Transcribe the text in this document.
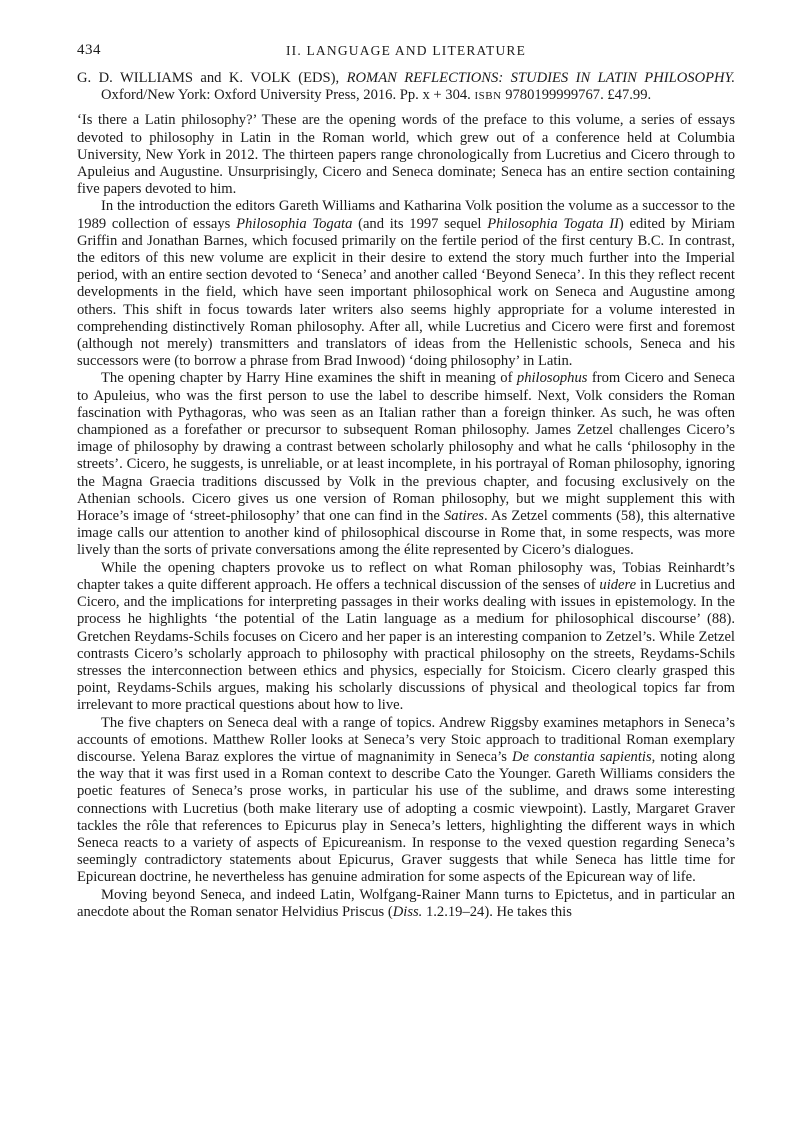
434	II. LANGUAGE AND LITERATURE
G. D. WILLIAMS and K. VOLK (EDS), ROMAN REFLECTIONS: STUDIES IN LATIN PHILOSOPHY. Oxford/New York: Oxford University Press, 2016. Pp. x + 304. ISBN 9780199999767. £47.99.

‘Is there a Latin philosophy?’ These are the opening words of the preface to this volume, a series of essays devoted to philosophy in Latin in the Roman world, which grew out of a conference held at Columbia University, New York in 2012. The thirteen papers range chronologically from Lucretius and Cicero through to Apuleius and Augustine. Unsurprisingly, Cicero and Seneca dominate; Seneca has an entire section containing five papers devoted to him.

In the introduction the editors Gareth Williams and Katharina Volk position the volume as a successor to the 1989 collection of essays Philosophia Togata (and its 1997 sequel Philosophia Togata II) edited by Miriam Griffin and Jonathan Barnes, which focused primarily on the fertile period of the first century B.C. In contrast, the editors of this new volume are explicit in their desire to extend the story much further into the Imperial period, with an entire section devoted to ‘Seneca’ and another called ‘Beyond Seneca’. In this they reflect recent developments in the field, which have seen important philosophical work on Seneca and Augustine among others. This shift in focus towards later writers also seems highly appropriate for a volume interested in comprehending distinctively Roman philosophy. After all, while Lucretius and Cicero were first and foremost (although not merely) transmitters and translators of ideas from the Hellenistic schools, Seneca and his successors were (to borrow a phrase from Brad Inwood) ‘doing philosophy’ in Latin.

The opening chapter by Harry Hine examines the shift in meaning of philosophus from Cicero and Seneca to Apuleius, who was the first person to use the label to describe himself. Next, Volk considers the Roman fascination with Pythagoras, who was seen as an Italian rather than a foreign thinker. As such, he was often championed as a forefather or precursor to subsequent Roman philosophy. James Zetzel challenges Cicero’s image of philosophy by drawing a contrast between scholarly philosophy and what he calls ‘philosophy in the streets’. Cicero, he suggests, is unreliable, or at least incomplete, in his portrayal of Roman philosophy, ignoring the Magna Graecia traditions discussed by Volk in the previous chapter, and focusing exclusively on the Athenian schools. Cicero gives us one version of Roman philosophy, but we might supplement this with Horace’s image of ‘street-philosophy’ that one can find in the Satires. As Zetzel comments (58), this alternative image calls our attention to another kind of philosophical discourse in Rome that, in some respects, was more lively than the sorts of private conversations among the élite represented by Cicero’s dialogues.

While the opening chapters provoke us to reflect on what Roman philosophy was, Tobias Reinhardt’s chapter takes a quite different approach. He offers a technical discussion of the senses of uidere in Lucretius and Cicero, and the implications for interpreting passages in their works dealing with issues in epistemology. In the process he highlights ‘the potential of the Latin language as a medium for philosophical discourse’ (88). Gretchen Reydams-Schils focuses on Cicero and her paper is an interesting companion to Zetzel’s. While Zetzel contrasts Cicero’s scholarly approach to philosophy with practical philosophy on the streets, Reydams-Schils stresses the interconnection between ethics and physics, especially for Stoicism. Cicero clearly grasped this point, Reydams-Schils argues, making his scholarly discussions of physical and theological topics far from irrelevant to more practical questions about how to live.

The five chapters on Seneca deal with a range of topics. Andrew Riggsby examines metaphors in Seneca’s accounts of emotions. Matthew Roller looks at Seneca’s very Stoic approach to traditional Roman exemplary discourse. Yelena Baraz explores the virtue of magnanimity in Seneca’s De constantia sapientis, noting along the way that it was first used in a Roman context to describe Cato the Younger. Gareth Williams considers the poetic features of Seneca’s prose works, in particular his use of the sublime, and draws some interesting connections with Lucretius (both make literary use of adopting a cosmic viewpoint). Lastly, Margaret Graver tackles the rôle that references to Epicurus play in Seneca’s letters, highlighting the different ways in which Seneca reacts to a variety of aspects of Epicureanism. In response to the vexed question regarding Seneca’s seemingly contradictory statements about Epicurus, Graver suggests that while Seneca has little time for Epicurean doctrine, he nevertheless has genuine admiration for some aspects of the Epicurean way of life.

Moving beyond Seneca, and indeed Latin, Wolfgang-Rainer Mann turns to Epictetus, and in particular an anecdote about the Roman senator Helvidius Priscus (Diss. 1.2.19–24). He takes this
